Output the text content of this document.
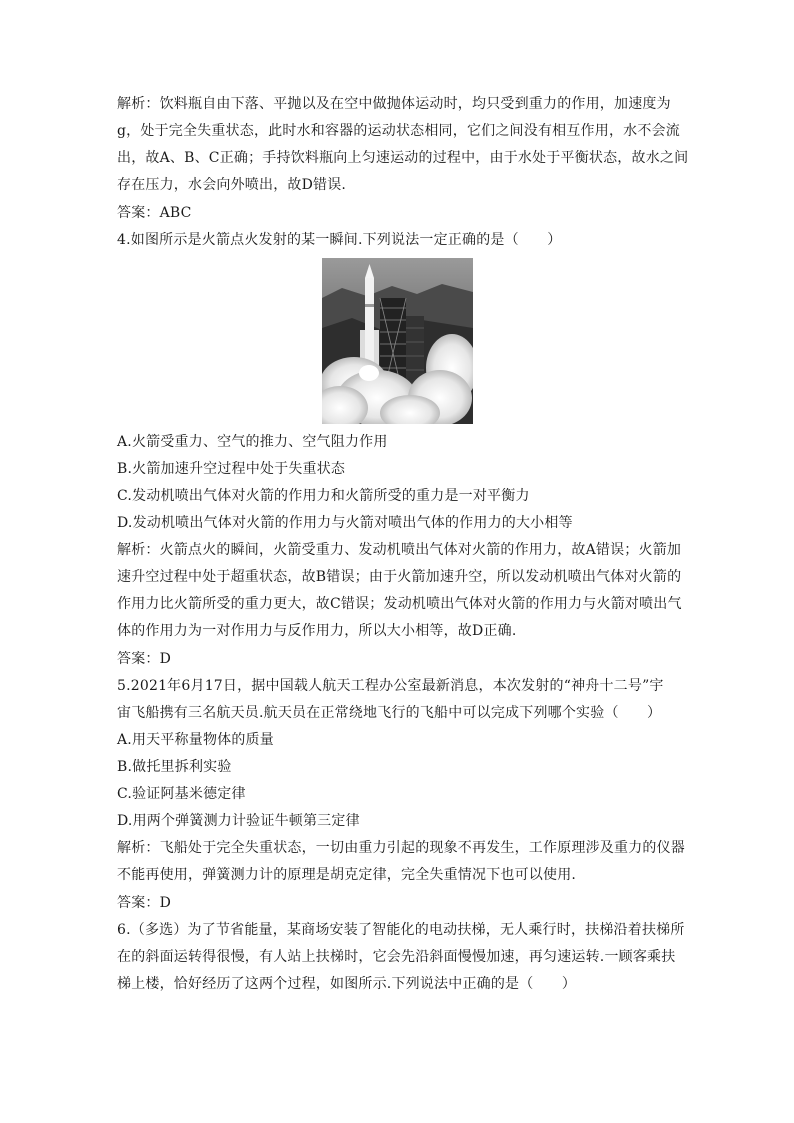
解析：饮料瓶自由下落、平抛以及在空中做抛体运动时，均只受到重力的作用，加速度为
g，处于完全失重状态，此时水和容器的运动状态相同，它们之间没有相互作用，水不会流
出，故A、B、C正确；手持饮料瓶向上匀速运动的过程中，由于水处于平衡状态，故水之间
存在压力，水会向外喷出，故D错误.
答案：ABC
4.如图所示是火箭点火发射的某一瞬间.下列说法一定正确的是（　　）
A.火箭受重力、空气的推力、空气阻力作用
B.火箭加速升空过程中处于失重状态
C.发动机喷出气体对火箭的作用力和火箭所受的重力是一对平衡力
D.发动机喷出气体对火箭的作用力与火箭对喷出气体的作用力的大小相等
解析：火箭点火的瞬间，火箭受重力、发动机喷出气体对火箭的作用力，故A错误；火箭加
速升空过程中处于超重状态，故B错误；由于火箭加速升空，所以发动机喷出气体对火箭的
作用力比火箭所受的重力更大，故C错误；发动机喷出气体对火箭的作用力与火箭对喷出气
体的作用力为一对作用力与反作用力，所以大小相等，故D正确.
答案：D
5.2021年6月17日，据中国载人航天工程办公室最新消息，本次发射的“神舟十二号”宇
宙飞船携有三名航天员.航天员在正常绕地飞行的飞船中可以完成下列哪个实验（　　）
A.用天平称量物体的质量
B.做托里拆利实验
C.验证阿基米德定律
D.用两个弹簧测力计验证牛顿第三定律
解析：飞船处于完全失重状态，一切由重力引起的现象不再发生，工作原理涉及重力的仪器
不能再使用，弹簧测力计的原理是胡克定律，完全失重情况下也可以使用.
答案：D
6.（多选）为了节省能量，某商场安装了智能化的电动扶梯，无人乘行时，扶梯沿着扶梯所
在的斜面运转得很慢，有人站上扶梯时，它会先沿斜面慢慢加速，再匀速运转.一顾客乘扶
梯上楼，恰好经历了这两个过程，如图所示.下列说法中正确的是（　　）
